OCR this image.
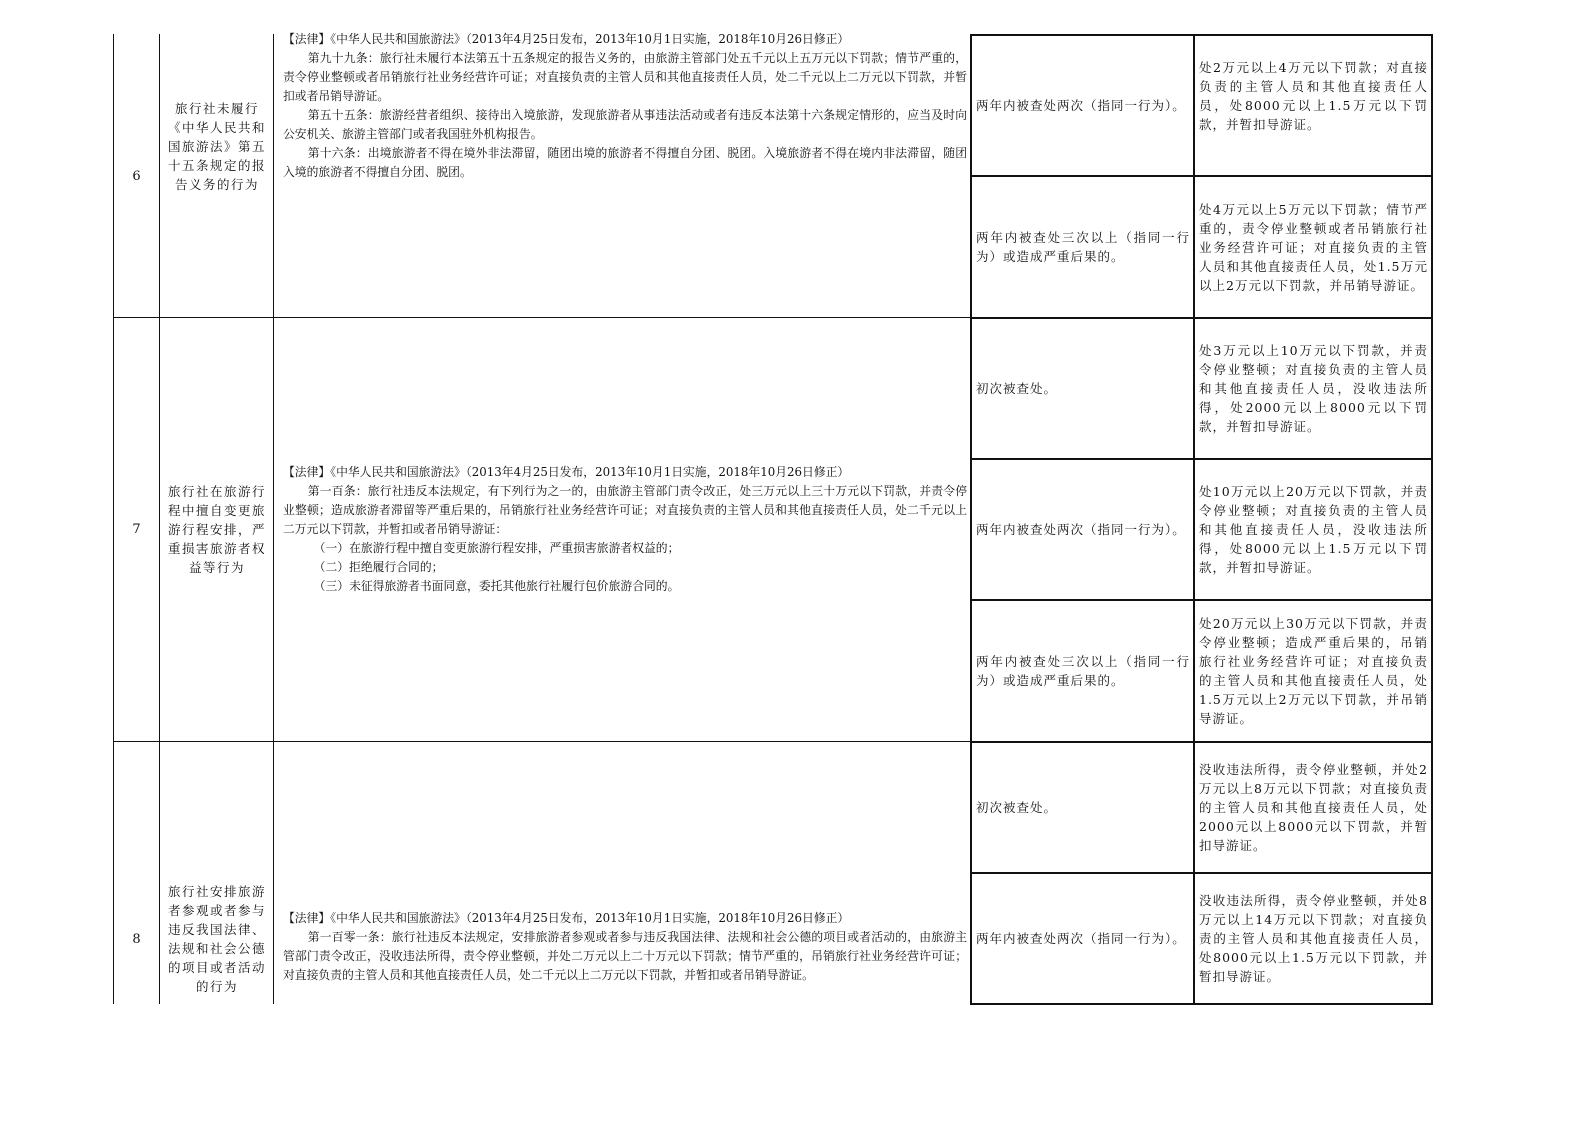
6
旅行社未履行《中华人民共和国旅游法》第五十五条规定的报告义务的行为

【法律】《中华人民共和国旅游法》（2013年4月25日发布，2013年10月1日实施，2018年10月26日修正）

第九十九条：旅行社未履行本法第五十五条规定的报告义务的，由旅游主管部门处五千元以上五万元以下罚款；情节严重的，责令停业整顿或者吊销旅行社业务经营许可证；对直接负责的主管人员和其他直接责任人员，处二千元以上二万元以下罚款，并暂扣或者吊销导游证。

第五十五条：旅游经营者组织、接待出入境旅游，发现旅游者从事违法活动或者有违反本法第十六条规定情形的，应当及时向公安机关、旅游主管部门或者我国驻外机构报告。

第十六条：出境旅游者不得在境外非法滞留，随团出境的旅游者不得擅自分团、脱团。入境旅游者不得在境内非法滞留，随团入境的旅游者不得擅自分团、脱团。

7
旅行社在旅游行程中擅自变更旅游行程安排，严重损害旅游者权益等行为

【法律】《中华人民共和国旅游法》（2013年4月25日发布，2013年10月1日实施，2018年10月26日修正）

第一百条：旅行社违反本法规定，有下列行为之一的，由旅游主管部门责令改正，处三万元以上三十万元以下罚款，并责令停业整顿；造成旅游者滞留等严重后果的，吊销旅行社业务经营许可证；对直接负责的主管人员和其他直接责任人员，处二千元以上二万元以下罚款，并暂扣或者吊销导游证：

（一）在旅游行程中擅自变更旅游行程安排，严重损害旅游者权益的；

（二）拒绝履行合同的；

（三）未征得旅游者书面同意，委托其他旅行社履行包价旅游合同的。

8
旅行社安排旅游者参观或者参与违反我国法律、法规和社会公德的项目或者活动的行为

【法律】《中华人民共和国旅游法》（2013年4月25日发布，2013年10月1日实施，2018年10月26日修正）

第一百零一条：旅行社违反本法规定，安排旅游者参观或者参与违反我国法律、法规和社会公德的项目或者活动的，由旅游主管部门责令改正，没收违法所得，责令停业整顿，并处二万元以上二十万元以下罚款；情节严重的，吊销旅行社业务经营许可证；对直接负责的主管人员和其他直接责任人员，处二千元以上二万元以下罚款，并暂扣或者吊销导游证。

两年内被查处两次（指同一行为）。
处2万元以上4万元以下罚款；对直接负责的主管人员和其他直接责任人员，处8000元以上1.5万元以下罚款，并暂扣导游证。
两年内被查处三次以上（指同一行为）或造成严重后果的。
处4万元以上5万元以下罚款；情节严重的，责令停业整顿或者吊销旅行社业务经营许可证；对直接负责的主管人员和其他直接责任人员，处1.5万元以上2万元以下罚款，并吊销导游证。
初次被查处。
处3万元以上10万元以下罚款，并责令停业整顿；对直接负责的主管人员和其他直接责任人员，没收违法所得，处2000元以上8000元以下罚款，并暂扣导游证。
两年内被查处两次（指同一行为）。
处10万元以上20万元以下罚款，并责令停业整顿；对直接负责的主管人员和其他直接责任人员，没收违法所得，处8000元以上1.5万元以下罚款，并暂扣导游证。
两年内被查处三次以上（指同一行为）或造成严重后果的。
处20万元以上30万元以下罚款，并责令停业整顿；造成严重后果的，吊销旅行社业务经营许可证；对直接负责的主管人员和其他直接责任人员，处1.5万元以上2万元以下罚款，并吊销导游证。
初次被查处。
没收违法所得，责令停业整顿，并处2万元以上8万元以下罚款；对直接负责的主管人员和其他直接责任人员，处2000元以上8000元以下罚款，并暂扣导游证。
两年内被查处两次（指同一行为）。
没收违法所得，责令停业整顿，并处8万元以上14万元以下罚款；对直接负责的主管人员和其他直接责任人员，处8000元以上1.5万元以下罚款，并暂扣导游证。
